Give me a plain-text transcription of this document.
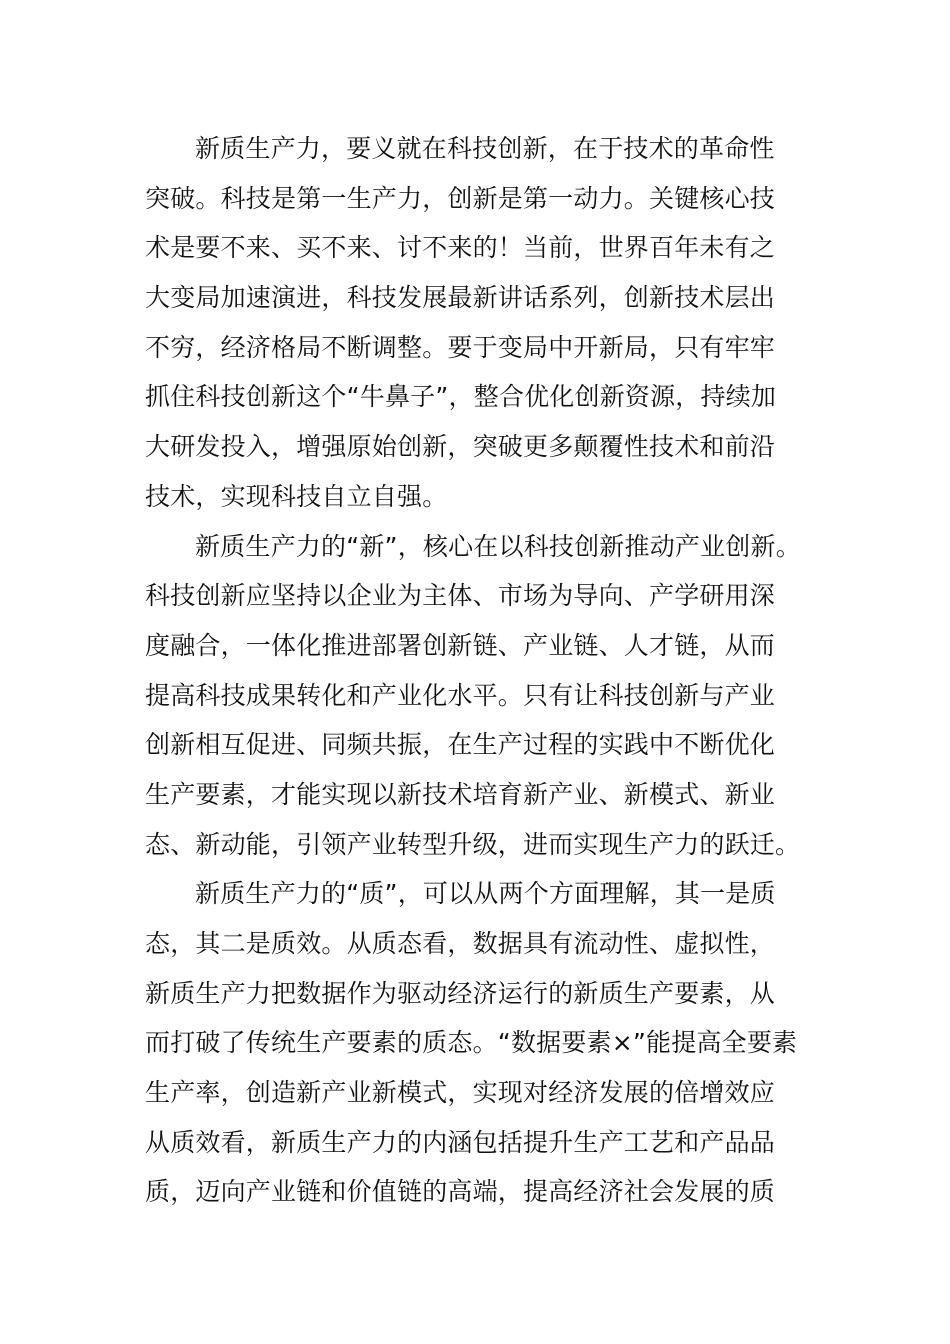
新质生产力，要义就在科技创新，在于技术的革命性
突破。科技是第一生产力，创新是第一动力。关键核心技
术是要不来、买不来、讨不来的！当前，世界百年未有之
大变局加速演进，科技发展最新讲话系列，创新技术层出
不穷，经济格局不断调整。要于变局中开新局，只有牢牢
抓住科技创新这个“牛鼻子”，整合优化创新资源，持续加
大研发投入，增强原始创新，突破更多颠覆性技术和前沿
技术，实现科技自立自强。
新质生产力的“新”，核心在以科技创新推动产业创新。
科技创新应坚持以企业为主体、市场为导向、产学研用深
度融合，一体化推进部署创新链、产业链、人才链，从而
提高科技成果转化和产业化水平。只有让科技创新与产业
创新相互促进、同频共振，在生产过程的实践中不断优化
生产要素，才能实现以新技术培育新产业、新模式、新业
态、新动能，引领产业转型升级，进而实现生产力的跃迁。
新质生产力的“质”，可以从两个方面理解，其一是质
态，其二是质效。从质态看，数据具有流动性、虚拟性，
新质生产力把数据作为驱动经济运行的新质生产要素，从
而打破了传统生产要素的质态。“数据要素×”能提高全要素
生产率，创造新产业新模式，实现对经济发展的倍增效应
从质效看，新质生产力的内涵包括提升生产工艺和产品品
质，迈向产业链和价值链的高端，提高经济社会发展的质
